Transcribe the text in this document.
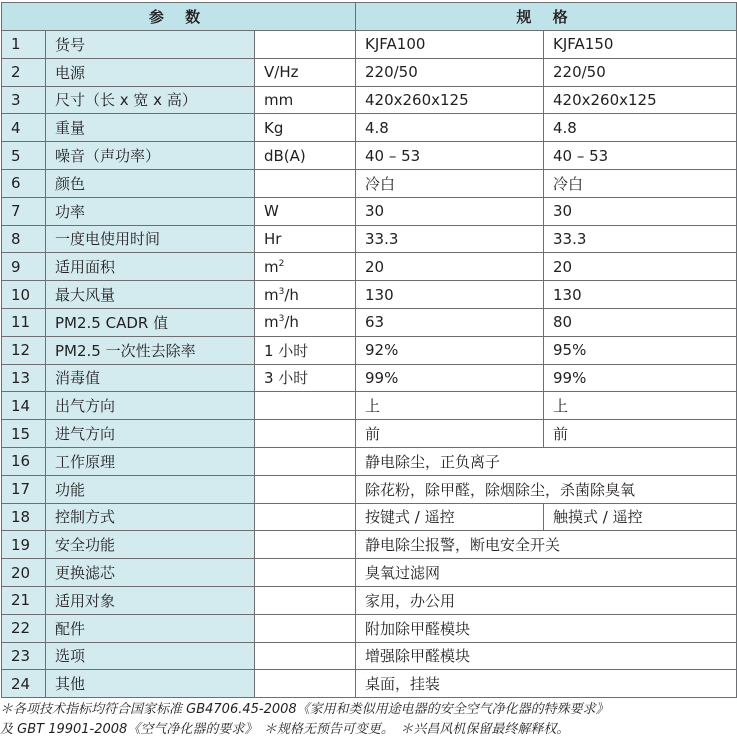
参 数			规 格	
1	货号		KJFA100	KJFA150
2	电源	V/Hz	220/50	220/50
3	尺寸（长 x 宽 x 高）	mm	420x260x125	420x260x125
4	重量	Kg	4.8	4.8
5	噪音（声功率）	dB(A)	40 – 53	40 – 53
6	颜色		冷白	冷白
7	功率	W	30	30
8	一度电使用时间	Hr	33.3	33.3
9	适用面积	$m^2$	20	20
10	最大风量	$m^3/h$	130	130
11	PM2.5 CADR 值	$m^3/h$	63	80
12	PM2.5 一次性去除率	1 小时	92%	95%
13	消毒值	3 小时	99%	99%
14	出气方向		上	上
15	进气方向		前	前
16	工作原理		静电除尘，正负离子	
17	功能		除花粉，除甲醛，除烟除尘，杀菌除臭氧	
18	控制方式		按键式 / 遥控	触摸式 / 遥控
19	安全功能		静电除尘报警，断电安全开关	
20	更换滤芯		臭氧过滤网	
21	适用对象		家用，办公用	
22	配件		附加除甲醛模块	
23	选项		增强除甲醛模块	
24	其他		桌面，挂装	
＊各项技术指标均符合国家标准 GB4706.45-2008《家用和类似用途电器的安全空气净化器的特殊要求》
及 GBT 19901-2008《空气净化器的要求》　＊规格无预告可变更。　＊兴昌风机保留最终解释权。
